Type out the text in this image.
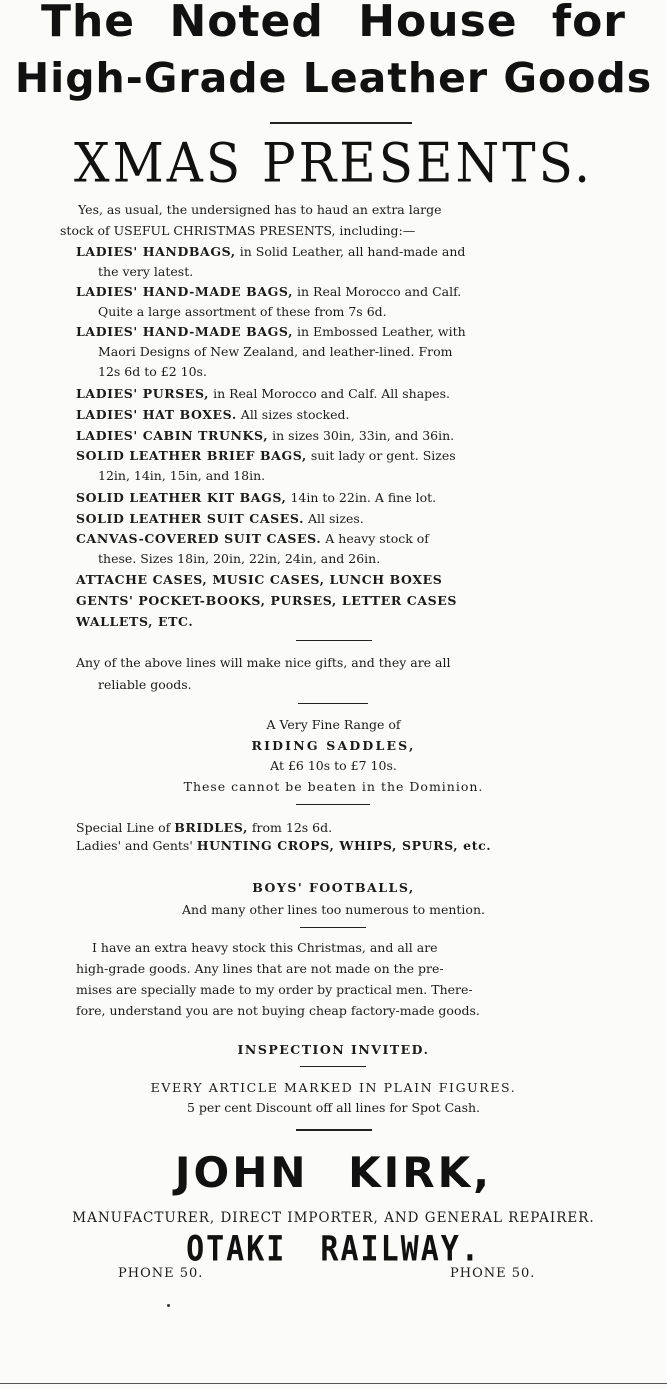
The Noted House for
High-Grade Leather Goods
XMAS PRESENTS.
Yes, as usual, the undersigned has to haud an extra large
stock of USEFUL CHRISTMAS PRESENTS, including:—
LADIES' HANDBAGS, in Solid Leather, all hand-made and
the very latest.
LADIES' HAND-MADE BAGS, in Real Morocco and Calf.
Quite a large assortment of these from 7s 6d.
LADIES' HAND-MADE BAGS, in Embossed Leather, with
Maori Designs of New Zealand, and leather-lined. From
12s 6d to £2 10s.
LADIES' PURSES, in Real Morocco and Calf. All shapes.
LADIES' HAT BOXES. All sizes stocked.
LADIES' CABIN TRUNKS, in sizes 30in, 33in, and 36in.
SOLID LEATHER BRIEF BAGS, suit lady or gent. Sizes
12in, 14in, 15in, and 18in.
SOLID LEATHER KIT BAGS, 14in to 22in. A fine lot.
SOLID LEATHER SUIT CASES. All sizes.
CANVAS-COVERED SUIT CASES. A heavy stock of
these. Sizes 18in, 20in, 22in, 24in, and 26in.
ATTACHE CASES, MUSIC CASES, LUNCH BOXES
GENTS' POCKET-BOOKS, PURSES, LETTER CASES
WALLETS, ETC.
Any of the above lines will make nice gifts, and they are all
reliable goods.
A Very Fine Range of
RIDING SADDLES,
At £6 10s to £7 10s.
These cannot be beaten in the Dominion.
Special Line of BRIDLES, from 12s 6d.
Ladies' and Gents' HUNTING CROPS, WHIPS, SPURS, etc.
BOYS' FOOTBALLS,
And many other lines too numerous to mention.
I have an extra heavy stock this Christmas, and all are
high-grade goods. Any lines that are not made on the pre-
mises are specially made to my order by practical men. There-
fore, understand you are not buying cheap factory-made goods.
INSPECTION INVITED.
EVERY ARTICLE MARKED IN PLAIN FIGURES.
5 per cent Discount off all lines for Spot Cash.
JOHN KIRK,
MANUFACTURER, DIRECT IMPORTER, AND GENERAL REPAIRER.
OTAKI RAILWAY.
PHONE 50.	PHONE 50.
